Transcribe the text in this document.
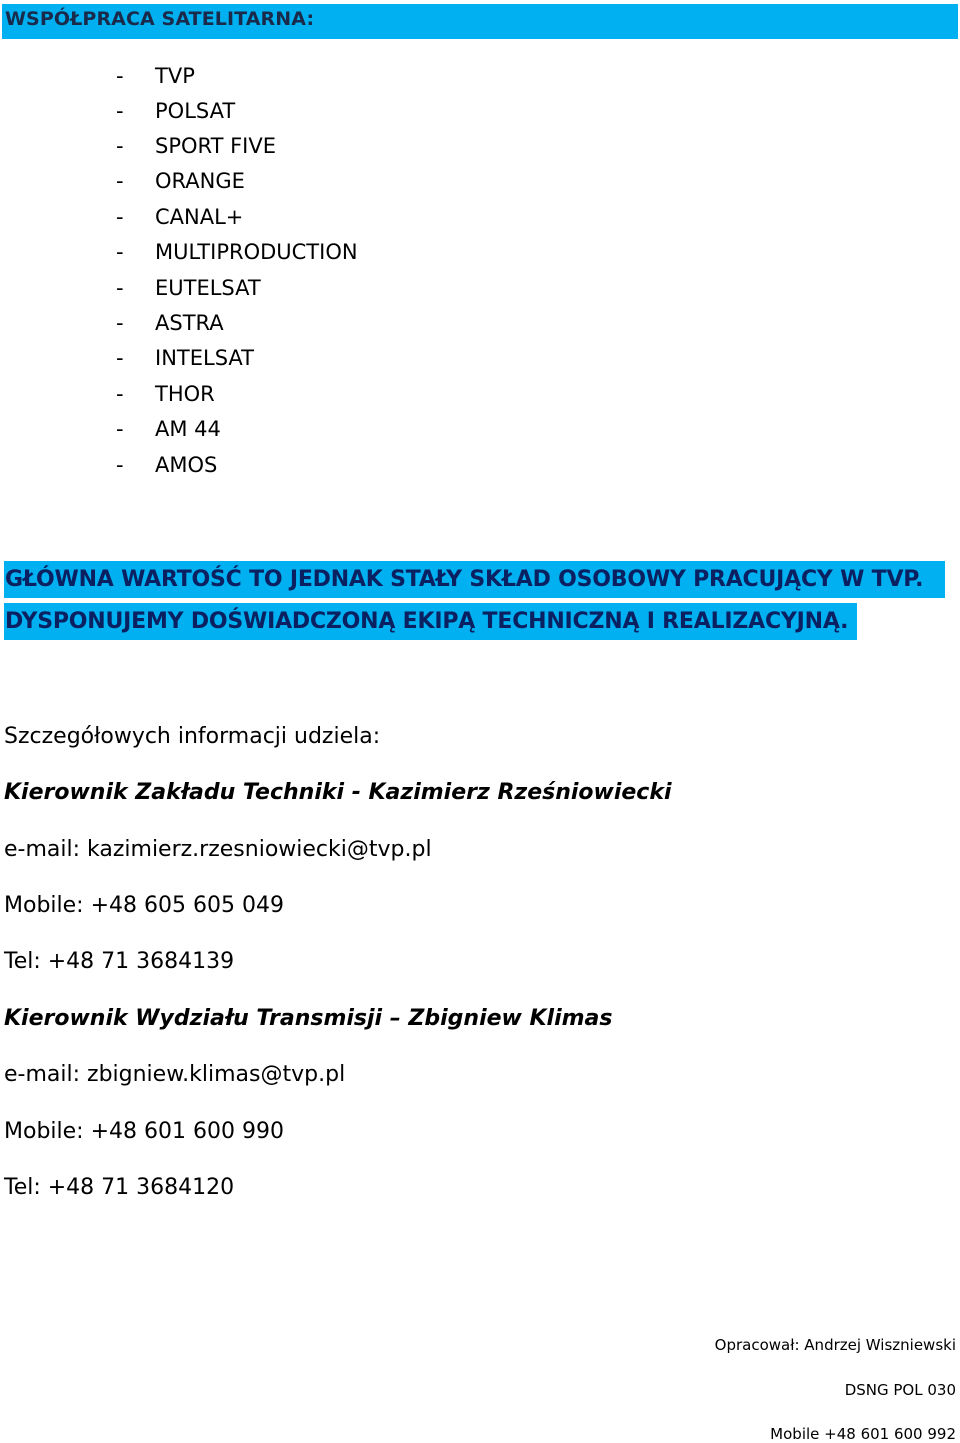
WSPÓŁPRACA SATELITARNA:
- TVP
- POLSAT
- SPORT FIVE
- ORANGE
- CANAL+
- MULTIPRODUCTION
- EUTELSAT
- ASTRA
- INTELSAT
- THOR
- AM 44
- AMOS
GŁÓWNA WARTOŚĆ TO JEDNAK STAŁY SKŁAD OSOBOWY PRACUJĄCY W TVP.
DYSPONUJEMY DOŚWIADCZONĄ EKIPĄ TECHNICZNĄ I REALIZACYJNĄ.
Szczegółowych informacji udziela:
Kierownik Zakładu Techniki - Kazimierz Rześniowiecki
e-mail: kazimierz.rzesniowiecki@tvp.pl
Mobile: +48 605 605 049
Tel: +48 71 3684139
Kierownik Wydziału Transmisji – Zbigniew Klimas
e-mail: zbigniew.klimas@tvp.pl
Mobile: +48 601 600 990
Tel: +48 71 3684120
Opracował: Andrzej Wiszniewski
DSNG POL 030
Mobile +48 601 600 992
